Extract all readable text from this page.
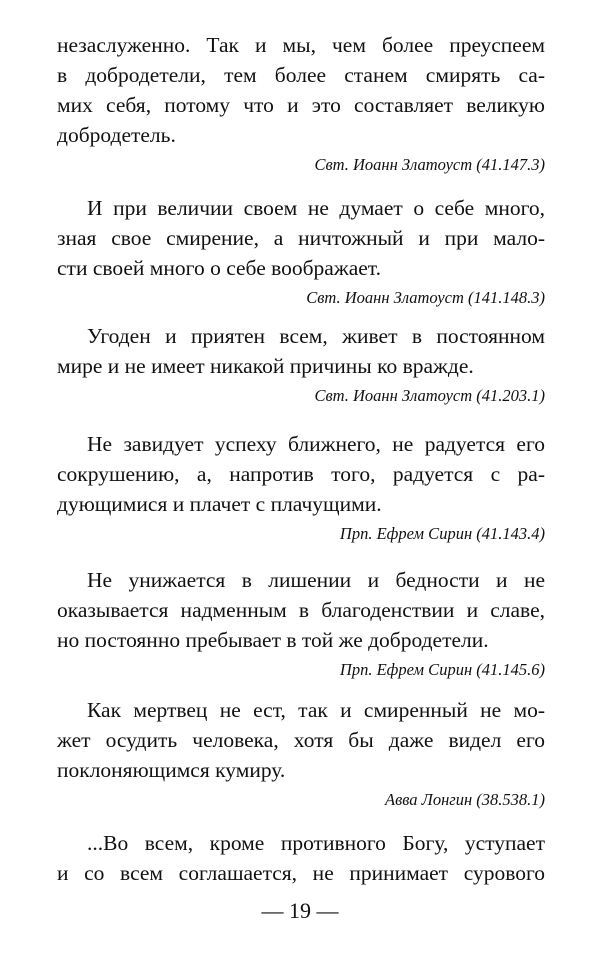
незаслуженно. Так и мы, чем более преуспеем
в добродетели, тем более станем смирять са-
мих себя, потому что и это составляет великую
добродетель.

Свт. Иоанн Златоуст (41.147.3)

И при величии своем не думает о себе много,
зная свое смирение, а ничтожный и при мало-
сти своей много о себе воображает.

Свт. Иоанн Златоуст (141.148.3)

Угоден и приятен всем, живет в постоянном
мире и не имеет никакой причины ко вражде.

Свт. Иоанн Златоуст (41.203.1)

Не завидует успеху ближнего, не радуется его
сокрушению, а, напротив того, радуется с ра-
дующимися и плачет с плачущими.

Прп. Ефрем Сирин (41.143.4)

Не унижается в лишении и бедности и не
оказывается надменным в благоденствии и славе,
но постоянно пребывает в той же добродетели.

Прп. Ефрем Сирин (41.145.6)

Как мертвец не ест, так и смиренный не мо-
жет осудить человека, хотя бы даже видел его
поклоняющимся кумиру.

Авва Лонгин (38.538.1)

...Во всем, кроме противного Богу, уступает
и со всем соглашается, не принимает сурового

— 19 —
